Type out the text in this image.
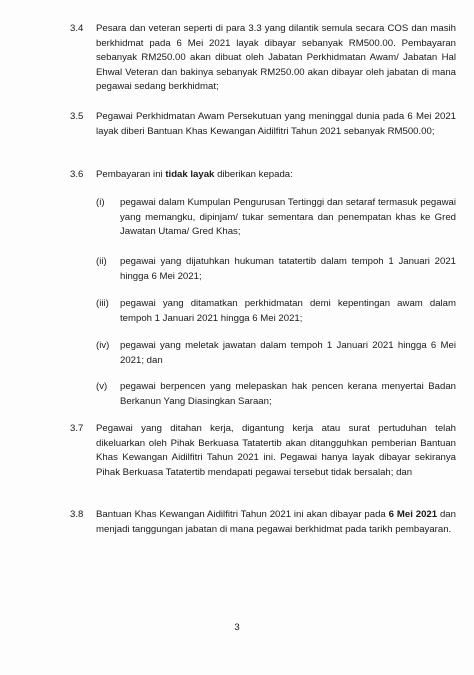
3.4 Pesara dan veteran seperti di para 3.3 yang dilantik semula secara COS dan masih berkhidmat pada 6 Mei 2021 layak dibayar sebanyak RM500.00. Pembayaran sebanyak RM250.00 akan dibuat oleh Jabatan Perkhidmatan Awam/ Jabatan Hal Ehwal Veteran dan bakinya sebanyak RM250.00 akan dibayar oleh jabatan di mana pegawai sedang berkhidmat;
3.5 Pegawai Perkhidmatan Awam Persekutuan yang meninggal dunia pada 6 Mei 2021 layak diberi Bantuan Khas Kewangan Aidilfitri Tahun 2021 sebanyak RM500.00;
3.6 Pembayaran ini tidak layak diberikan kepada:
(i) pegawai dalam Kumpulan Pengurusan Tertinggi dan setaraf termasuk pegawai yang memangku, dipinjam/ tukar sementara dan penempatan khas ke Gred Jawatan Utama/ Gred Khas;
(ii) pegawai yang dijatuhkan hukuman tatatertib dalam tempoh 1 Januari 2021 hingga 6 Mei 2021;
(iii) pegawai yang ditamatkan perkhidmatan demi kepentingan awam dalam tempoh 1 Januari 2021 hingga 6 Mei 2021;
(iv) pegawai yang meletak jawatan dalam tempoh 1 Januari 2021 hingga 6 Mei 2021; dan
(v) pegawai berpencen yang melepaskan hak pencen kerana menyertai Badan Berkanun Yang Diasingkan Saraan;
3.7 Pegawai yang ditahan kerja, digantung kerja atau surat pertuduhan telah dikeluarkan oleh Pihak Berkuasa Tatatertib akan ditangguhkan pemberian Bantuan Khas Kewangan Aidilfitri Tahun 2021 ini. Pegawai hanya layak dibayar sekiranya Pihak Berkuasa Tatatertib mendapati pegawai tersebut tidak bersalah; dan
3.8 Bantuan Khas Kewangan Aidilfitri Tahun 2021 ini akan dibayar pada 6 Mei 2021 dan menjadi tanggungan jabatan di mana pegawai berkhidmat pada tarikh pembayaran.
3
